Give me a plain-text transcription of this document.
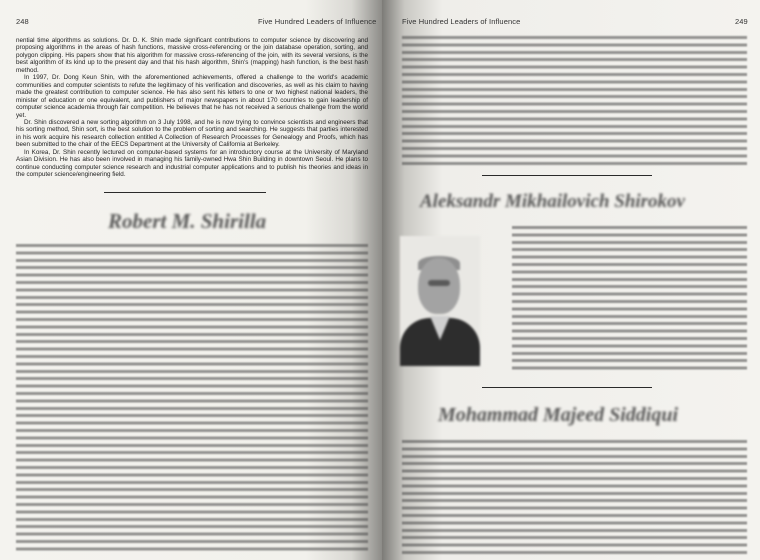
248	Five Hundred Leaders of Influence

nential time algorithms as solutions. Dr. D. K. Shin made significant contributions to computer science by discovering and proposing algorithms in the areas of hash functions, massive cross-referencing or the join database operation, sorting, and polygon clipping. His papers show that his algorithm for massive cross-referencing of the join, with its several versions, is the best algorithm of its kind up to the present day and that his hash algorithm, Shin's (mapping) hash function, is the best hash method.

In 1997, Dr. Dong Keun Shin, with the aforementioned achievements, offered a challenge to the world's academic communities and computer scientists to refute the legitimacy of his verification and discoveries, as well as his claim to having made the greatest contribution to computer science. He has also sent his letters to one or two highest national leaders, the minister of education or one equivalent, and publishers of major newspapers in about 170 countries to gain leadership of computer science academia through fair competition. He believes that he has not received a serious challenge from the world yet.

Dr. Shin discovered a new sorting algorithm on 3 July 1998, and he is now trying to convince scientists and engineers that his sorting method, Shin sort, is the best solution to the problem of sorting and searching. He suggests that parties interested in his work acquire his research collection entitled A Collection of Research Processes for Genealogy and Proofs, which has been submitted to the chair of the EECS Department at the University of California at Berkeley.

In Korea, Dr. Shin recently lectured on computer-based systems for an introductory course at the University of Maryland Asian Division. He has also been involved in managing his family-owned Hwa Shin Building in downtown Seoul. He plans to continue conducting computer science research and industrial computer applications and to publish his theories and ideas in the computer science/engineering field.

Robert M. Shirilla
Five Hundred Leaders of Influence	249
Aleksandr Mikhailovich Shirokov
Mohammad Majeed Siddiqui
